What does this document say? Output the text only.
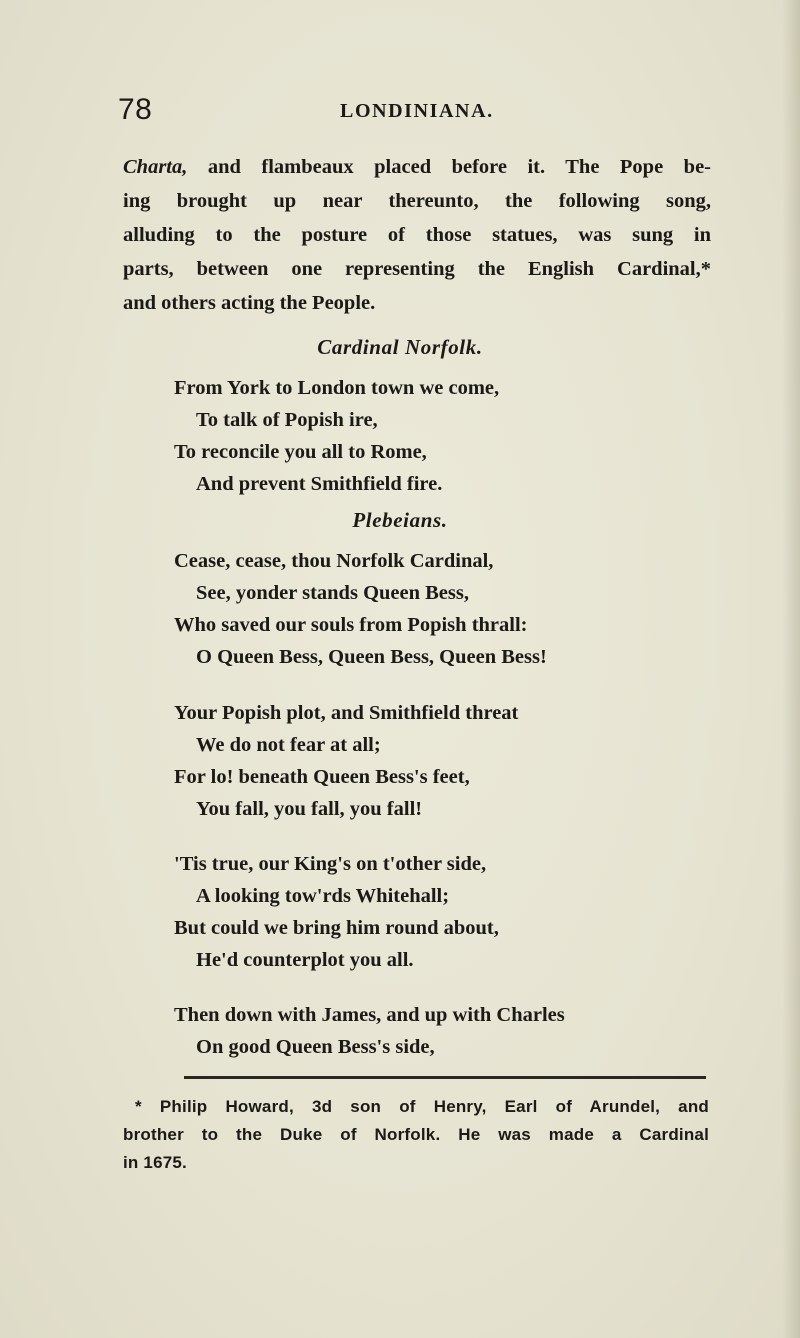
78	LONDINIANA.
Charta, and flambeaux placed before it. The Pope be-
ing brought up near thereunto, the following song,
alluding to the posture of those statues, was sung in
parts, between one representing the English Cardinal,*
and others acting the People.
Cardinal Norfolk.
From York to London town we come,
To talk of Popish ire,
To reconcile you all to Rome,
And prevent Smithfield fire.
Plebeians.
Cease, cease, thou Norfolk Cardinal,
See, yonder stands Queen Bess,
Who saved our souls from Popish thrall:
O Queen Bess, Queen Bess, Queen Bess!
Your Popish plot, and Smithfield threat
We do not fear at all;
For lo! beneath Queen Bess's feet,
You fall, you fall, you fall!
'Tis true, our King's on t'other side,
A looking tow'rds Whitehall;
But could we bring him round about,
He'd counterplot you all.
Then down with James, and up with Charles
On good Queen Bess's side,
* Philip Howard, 3d son of Henry, Earl of Arundel, and
brother to the Duke of Norfolk. He was made a Cardinal
in 1675.
